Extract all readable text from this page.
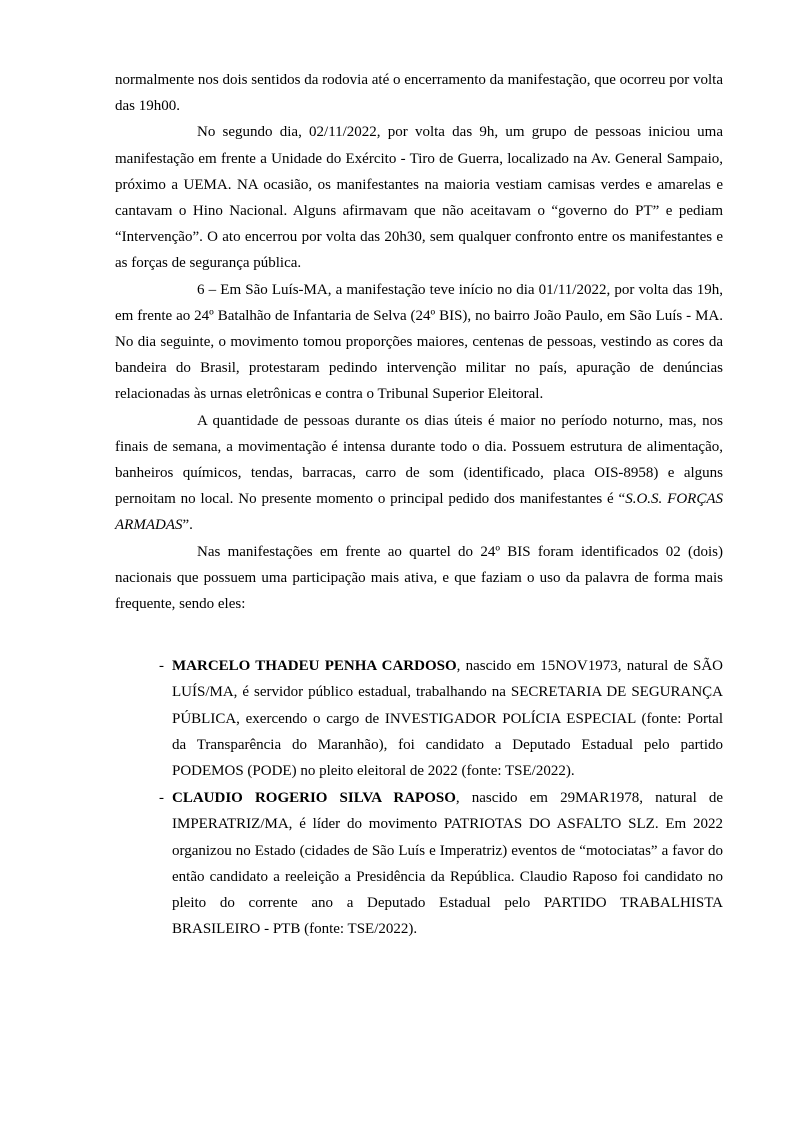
normalmente nos dois sentidos da rodovia até o encerramento da manifestação, que ocorreu por volta das 19h00.

No segundo dia, 02/11/2022, por volta das 9h, um grupo de pessoas iniciou uma manifestação em frente a Unidade do Exército - Tiro de Guerra, localizado na Av. General Sampaio, próximo a UEMA. NA ocasião, os manifestantes na maioria vestiam camisas verdes e amarelas e cantavam o Hino Nacional. Alguns afirmavam que não aceitavam o “governo do PT” e pediam “Intervenção”. O ato encerrou por volta das 20h30, sem qualquer confronto entre os manifestantes e as forças de segurança pública.

6 – Em São Luís-MA, a manifestação teve início no dia 01/11/2022, por volta das 19h, em frente ao 24º Batalhão de Infantaria de Selva (24º BIS), no bairro João Paulo, em São Luís - MA. No dia seguinte, o movimento tomou proporções maiores, centenas de pessoas, vestindo as cores da bandeira do Brasil, protestaram pedindo intervenção militar no país, apuração de denúncias relacionadas às urnas eletrônicas e contra o Tribunal Superior Eleitoral.

A quantidade de pessoas durante os dias úteis é maior no período noturno, mas, nos finais de semana, a movimentação é intensa durante todo o dia. Possuem estrutura de alimentação, banheiros químicos, tendas, barracas, carro de som (identificado, placa OIS-8958) e alguns pernoitam no local. No presente momento o principal pedido dos manifestantes é “S.O.S. FORÇAS ARMADAS”.

Nas manifestações em frente ao quartel do 24º BIS foram identificados 02 (dois) nacionais que possuem uma participação mais ativa, e que faziam o uso da palavra de forma mais frequente, sendo eles:

- MARCELO THADEU PENHA CARDOSO, nascido em 15NOV1973, natural de SÃO LUÍS/MA, é servidor público estadual, trabalhando na SECRETARIA DE SEGURANÇA PÚBLICA, exercendo o cargo de INVESTIGADOR POLÍCIA ESPECIAL (fonte: Portal da Transparência do Maranhão), foi candidato a Deputado Estadual pelo partido PODEMOS (PODE) no pleito eleitoral de 2022 (fonte: TSE/2022).
- CLAUDIO ROGERIO SILVA RAPOSO, nascido em 29MAR1978, natural de IMPERATRIZ/MA, é líder do movimento PATRIOTAS DO ASFALTO SLZ. Em 2022 organizou no Estado (cidades de São Luís e Imperatriz) eventos de “motociatas” a favor do então candidato a reeleição a Presidência da República. Claudio Raposo foi candidato no pleito do corrente ano a Deputado Estadual pelo PARTIDO TRABALHISTA BRASILEIRO - PTB (fonte: TSE/2022).
